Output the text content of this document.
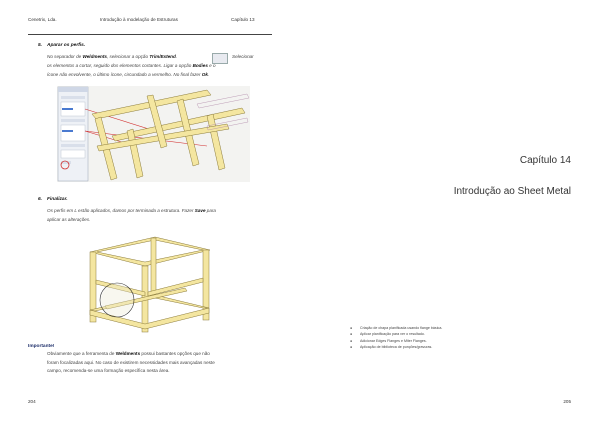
Cenetrix, Lda.	Introdução à modelação de Estruturas	Capítulo 13
5. Aparar os perfis.
No separador de Weldments, selecionar a opção Trim/Extend.	Selecionar
os elementos a cortar, seguido dos elementos cortantes. Ligar a opção Bodies e o
ícone não envolvente, o último ícone, circundado a vermelho. No final fazer Ok.
6. Finalizar.
Os perfis em L estão aplicados, damos por terminada a estrutura. Fazer Save para
aplicar as alterações.
Importante!
Obviamente que a ferramenta de Weldments possui bastantes opções que não
foram focalizadas aqui. No caso de existirem necessidades mais avançadas neste
campo, recomenda-se uma formação específica nesta área.
204
Capítulo 14
Introdução ao Sheet Metal
205
● Criação de chapa planificada usando flange básica.
● Aplicar planificação para ver o resultado.
● Adicionar Edges Flanges e Miter Flanges.
● Aplicação de biblioteca de punções/gravuras.
